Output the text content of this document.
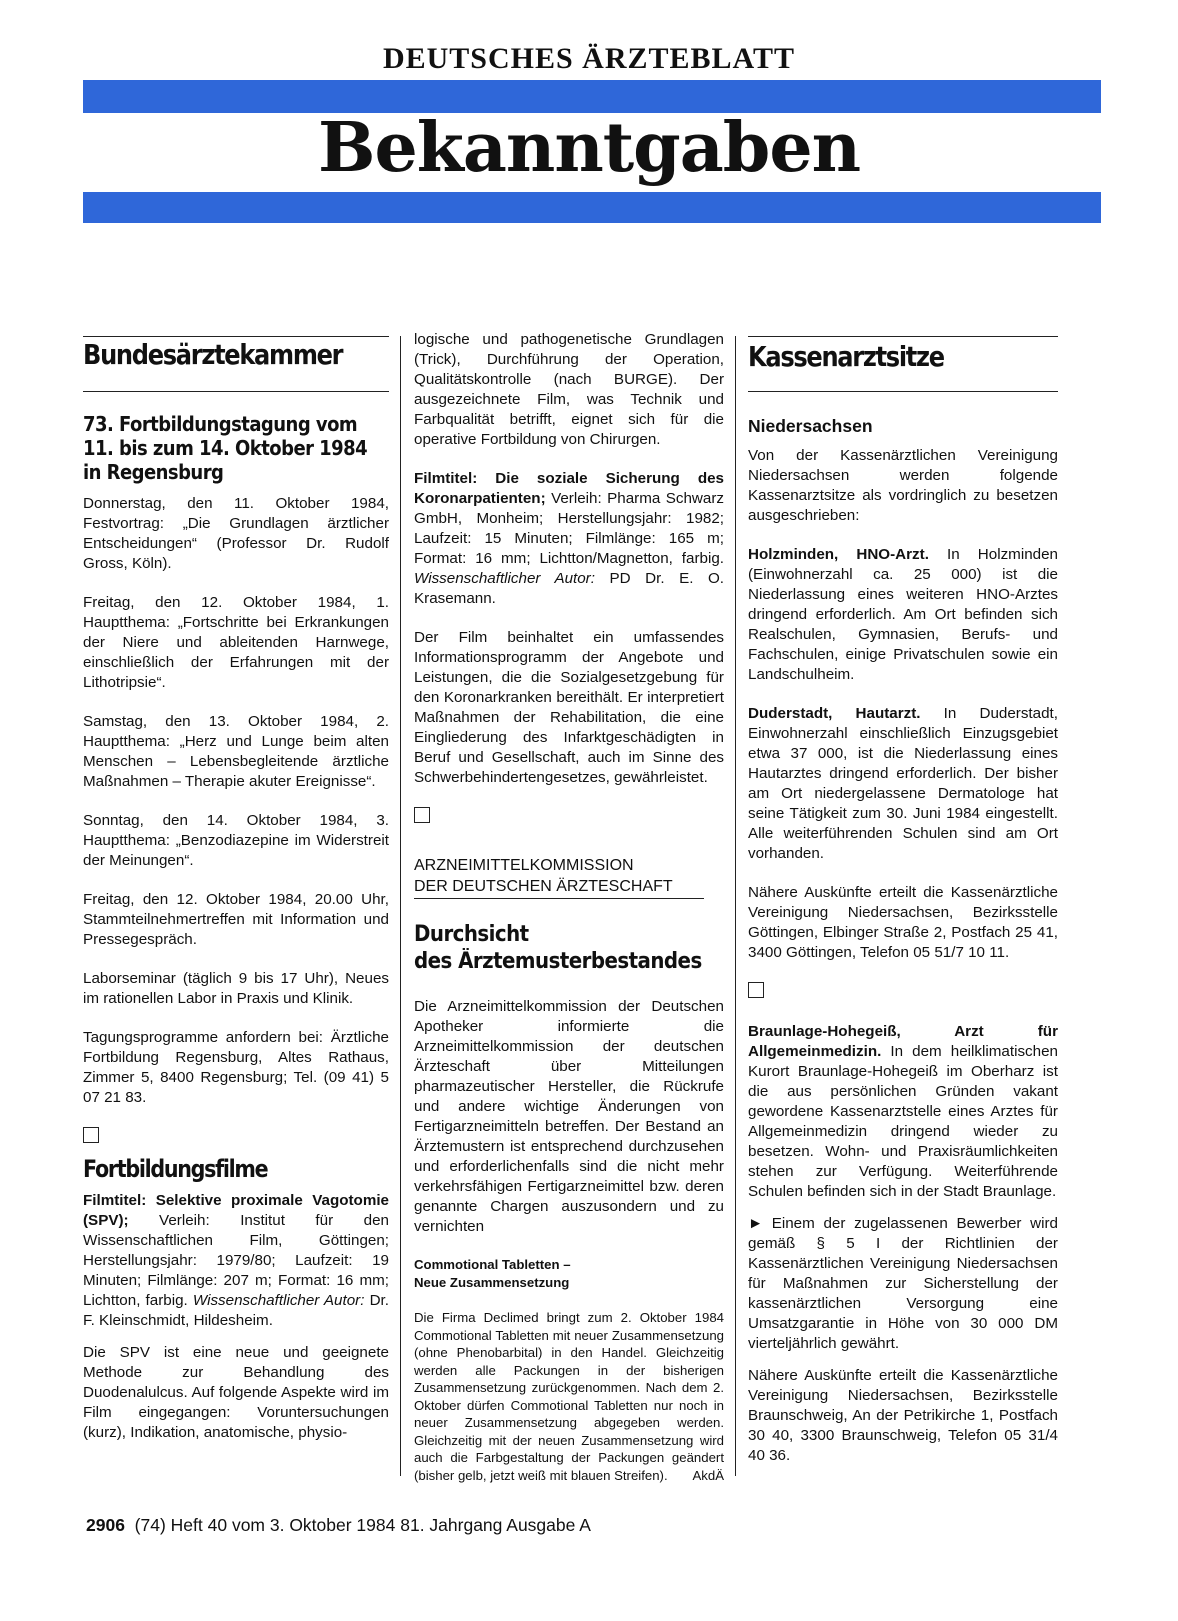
DEUTSCHES ÄRZTEBLATT
Bekanntgaben
Bundesärztekammer
73. Fortbildungstagung vom
11. bis zum 14. Oktober 1984
in Regensburg

Donnerstag, den 11. Oktober 1984, Festvortrag: „Die Grundlagen ärztlicher Entscheidungen“ (Professor Dr. Rudolf Gross, Köln).

Freitag, den 12. Oktober 1984, 1. Hauptthema: „Fortschritte bei Erkrankungen der Niere und ableitenden Harnwege, einschließlich der Erfahrungen mit der Lithotripsie“.

Samstag, den 13. Oktober 1984, 2. Hauptthema: „Herz und Lunge beim alten Menschen – Lebensbegleitende ärztliche Maßnahmen – Therapie akuter Ereignisse“.

Sonntag, den 14. Oktober 1984, 3. Hauptthema: „Benzodiazepine im Widerstreit der Meinungen“.

Freitag, den 12. Oktober 1984, 20.00 Uhr, Stammteilnehmertreffen mit Information und Pressegespräch.

Laborseminar (täglich 9 bis 17 Uhr), Neues im rationellen Labor in Praxis und Klinik.

Tagungsprogramme anfordern bei: Ärztliche Fortbildung Regensburg, Altes Rathaus, Zimmer 5, 8400 Regensburg; Tel. (09 41) 5 07 21 83.

Fortbildungsfilme

Filmtitel: Selektive proximale Vagotomie (SPV); Verleih: Institut für den Wissenschaftlichen Film, Göttingen; Herstellungsjahr: 1979/80; Laufzeit: 19 Minuten; Filmlänge: 207 m; Format: 16 mm; Lichtton, farbig. Wissenschaftlicher Autor: Dr. F. Kleinschmidt, Hildesheim.

Die SPV ist eine neue und geeignete Methode zur Behandlung des Duodenalulcus. Auf folgende Aspekte wird im Film eingegangen: Voruntersuchungen (kurz), Indikation, anatomische, physio-

logische und pathogenetische Grundlagen (Trick), Durchführung der Operation, Qualitätskontrolle (nach BURGE). Der ausgezeichnete Film, was Technik und Farbqualität betrifft, eignet sich für die operative Fortbildung von Chirurgen.

Filmtitel: Die soziale Sicherung des Koronarpatienten; Verleih: Pharma Schwarz GmbH, Monheim; Herstellungsjahr: 1982; Laufzeit: 15 Minuten; Filmlänge: 165 m; Format: 16 mm; Lichtton/Magnetton, farbig. Wissenschaftlicher Autor: PD Dr. E. O. Krasemann.

Der Film beinhaltet ein umfassendes Informationsprogramm der Angebote und Leistungen, die die Sozialgesetzgebung für den Koronarkranken bereithält. Er interpretiert Maßnahmen der Rehabilitation, die eine Eingliederung des Infarktgeschädigten in Beruf und Gesellschaft, auch im Sinne des Schwerbehindertengesetzes, gewährleistet.

ARZNEIMITTELKOMMISSION
DER DEUTSCHEN ÄRZTESCHAFT
Durchsicht
des Ärztemusterbestandes

Die Arzneimittelkommission der Deutschen Apotheker informierte die Arzneimittelkommission der deutschen Ärzteschaft über Mitteilungen pharmazeutischer Hersteller, die Rückrufe und andere wichtige Änderungen von Fertigarzneimitteln betreffen. Der Bestand an Ärztemustern ist entsprechend durchzusehen und erforderlichenfalls sind die nicht mehr verkehrsfähigen Fertigarzneimittel bzw. deren genannte Chargen auszusondern und zu vernichten

Commotional Tabletten –
Neue Zusammensetzung

Die Firma Declimed bringt zum 2. Oktober 1984 Commotional Tabletten mit neuer Zusammensetzung (ohne Phenobarbital) in den Handel. Gleichzeitig werden alle Packungen in der bisherigen Zusammensetzung zurückgenommen. Nach dem 2. Oktober dürfen Commotional Tabletten nur noch in neuer Zusammensetzung abgegeben werden. Gleichzeitig mit der neuen Zusammensetzung wird auch die Farbgestaltung der Packungen geändert (bisher gelb, jetzt weiß mit blauen Streifen). AkdÄ

Kassenarztsitze
Niedersachsen

Von der Kassenärztlichen Vereinigung Niedersachsen werden folgende Kassenarztsitze als vordringlich zu besetzen ausgeschrieben:

Holzminden, HNO-Arzt. In Holzminden (Einwohnerzahl ca. 25 000) ist die Niederlassung eines weiteren HNO-Arztes dringend erforderlich. Am Ort befinden sich Realschulen, Gymnasien, Berufs- und Fachschulen, einige Privatschulen sowie ein Landschulheim.

Duderstadt, Hautarzt. In Duderstadt, Einwohnerzahl einschließlich Einzugsgebiet etwa 37 000, ist die Niederlassung eines Hautarztes dringend erforderlich. Der bisher am Ort niedergelassene Dermatologe hat seine Tätigkeit zum 30. Juni 1984 eingestellt. Alle weiterführenden Schulen sind am Ort vorhanden.

Nähere Auskünfte erteilt die Kassenärztliche Vereinigung Niedersachsen, Bezirksstelle Göttingen, Elbinger Straße 2, Postfach 25 41, 3400 Göttingen, Telefon 05 51/7 10 11.

Braunlage-Hohegeiß, Arzt für Allgemeinmedizin. In dem heilklimatischen Kurort Braunlage-Hohegeiß im Oberharz ist die aus persönlichen Gründen vakant gewordene Kassenarztstelle eines Arztes für Allgemeinmedizin dringend wieder zu besetzen. Wohn- und Praxisräumlichkeiten stehen zur Verfügung. Weiterführende Schulen befinden sich in der Stadt Braunlage.

► Einem der zugelassenen Bewerber wird gemäß § 5 I der Richtlinien der Kassenärztlichen Vereinigung Niedersachsen für Maßnahmen zur Sicherstellung der kassenärztlichen Versorgung eine Umsatzgarantie in Höhe von 30 000 DM vierteljährlich gewährt.

Nähere Auskünfte erteilt die Kassenärztliche Vereinigung Niedersachsen, Bezirksstelle Braunschweig, An der Petrikirche 1, Postfach 30 40, 3300 Braunschweig, Telefon 05 31/4 40 36.

2906 (74) Heft 40 vom 3. Oktober 1984 81. Jahrgang Ausgabe A
